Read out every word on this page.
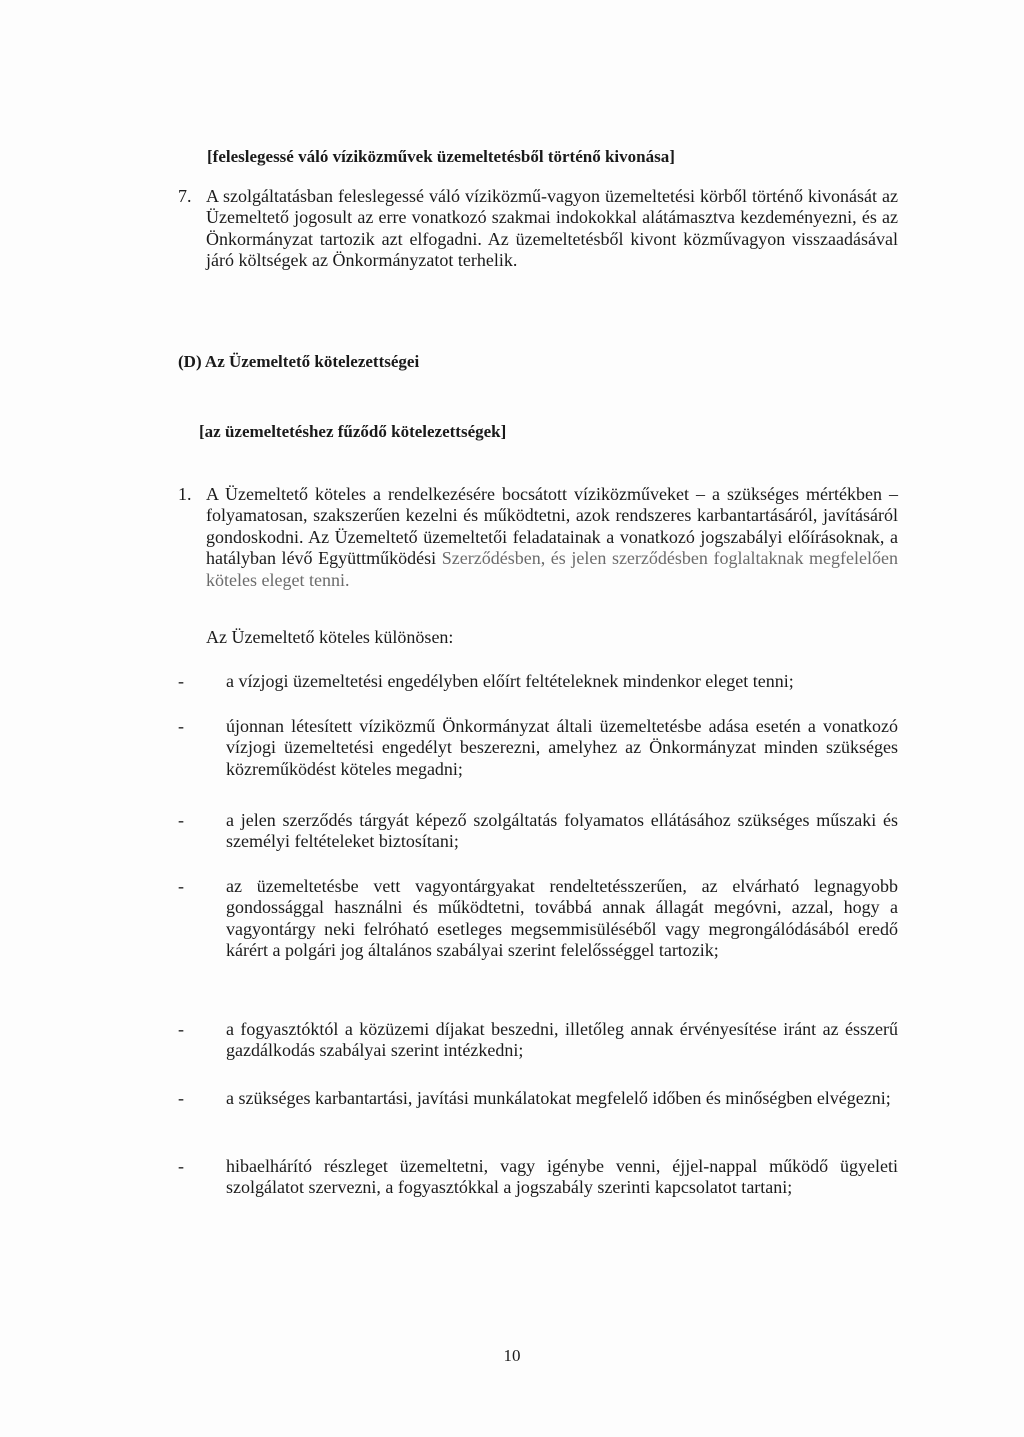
[feleslegessé váló víziközművek üzemeltetésből történő kivonása]
7. A szolgáltatásban feleslegessé váló víziközmű-vagyon üzemeltetési körből történő kivonását az Üzemeltető jogosult az erre vonatkozó szakmai indokokkal alátámasztva kezdeményezni, és az Önkormányzat tartozik azt elfogadni. Az üzemeltetésből kivont közművagyon visszaadásával járó költségek az Önkormányzatot terhelik.
(D) Az Üzemeltető kötelezettségei
[az üzemeltetéshez fűződő kötelezettségek]
1. A Üzemeltető köteles a rendelkezésére bocsátott víziközműveket – a szükséges mértékben – folyamatosan, szakszerűen kezelni és működtetni, azok rendszeres karbantartásáról, javításáról gondoskodni. Az Üzemeltető üzemeltetői feladatainak a vonatkozó jogszabályi előírásoknak, a hatályban lévő Együttműködési Szerződésben, és jelen szerződésben foglaltaknak megfelelően köteles eleget tenni.
Az Üzemeltető köteles különösen:
- a vízjogi üzemeltetési engedélyben előírt feltételeknek mindenkor eleget tenni;
- újonnan létesített víziközmű Önkormányzat általi üzemeltetésbe adása esetén a vonatkozó vízjogi üzemeltetési engedélyt beszerezni, amelyhez az Önkormányzat minden szükséges közreműködést köteles megadni;
- a jelen szerződés tárgyát képező szolgáltatás folyamatos ellátásához szükséges műszaki és személyi feltételeket biztosítani;
- az üzemeltetésbe vett vagyontárgyakat rendeltetésszerűen, az elvárható legnagyobb gondossággal használni és működtetni, továbbá annak állagát megóvni, azzal, hogy a vagyontárgy neki felróható esetleges megsemmisüléséből vagy megrongálódásából eredő kárért a polgári jog általános szabályai szerint felelősséggel tartozik;
- a fogyasztóktól a közüzemi díjakat beszedni, illetőleg annak érvényesítése iránt az ésszerű gazdálkodás szabályai szerint intézkedni;
- a szükséges karbantartási, javítási munkálatokat megfelelő időben és minőségben elvégezni;
- hibaelhárító részleget üzemeltetni, vagy igénybe venni, éjjel-nappal működő ügyeleti szolgálatot szervezni, a fogyasztókkal a jogszabály szerinti kapcsolatot tartani;
10
